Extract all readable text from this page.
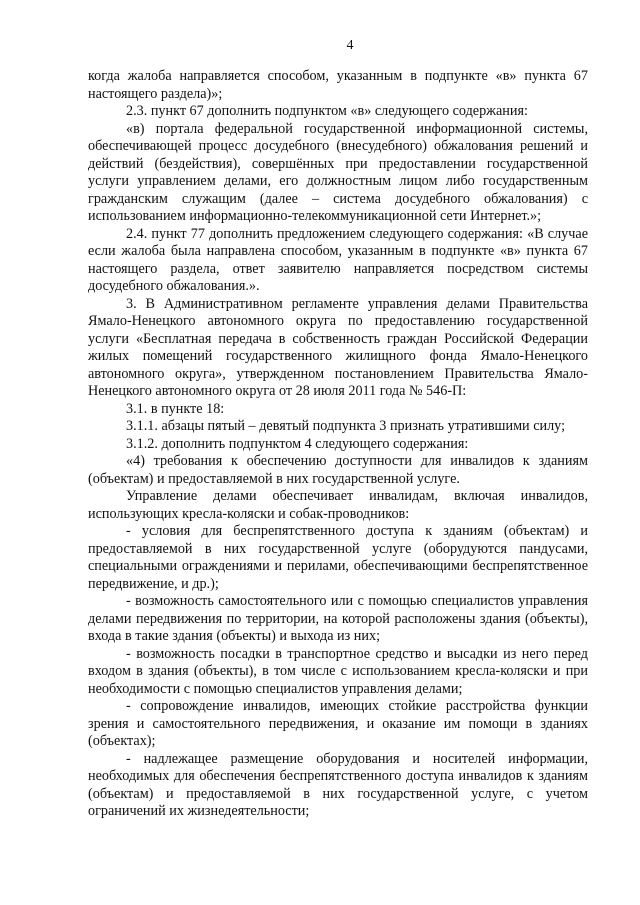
4

когда жалоба направляется способом, указанным в подпункте «в» пункта 67 настоящего раздела)»;

2.3. пункт 67 дополнить подпунктом «в» следующего содержания:

«в) портала федеральной государственной информационной системы, обеспечивающей процесс досудебного (внесудебного) обжалования решений и действий (бездействия), совершённых при предоставлении государственной услуги управлением делами, его должностным лицом либо государственным гражданским служащим (далее – система досудебного обжалования) с использованием информационно-телекоммуникационной сети Интернет.»;

2.4. пункт 77 дополнить предложением следующего содержания: «В случае если жалоба была направлена способом, указанным в подпункте «в» пункта 67 настоящего раздела, ответ заявителю направляется посредством системы досудебного обжалования.».

3. В Административном регламенте управления делами Правительства Ямало-Ненецкого автономного округа по предоставлению государственной услуги «Бесплатная передача в собственность граждан Российской Федерации жилых помещений государственного жилищного фонда Ямало-Ненецкого автономного округа», утвержденном постановлением Правительства Ямало-Ненецкого автономного округа от 28 июля 2011 года № 546-П:

3.1. в пункте 18:

3.1.1. абзацы пятый – девятый подпункта 3 признать утратившими силу;

3.1.2. дополнить подпунктом 4 следующего содержания:

«4) требования к обеспечению доступности для инвалидов к зданиям (объектам) и предоставляемой в них государственной услуге.

Управление делами обеспечивает инвалидам, включая инвалидов, использующих кресла-коляски и собак-проводников:

- условия для беспрепятственного доступа к зданиям (объектам) и предоставляемой в них государственной услуге (оборудуются пандусами, специальными ограждениями и перилами, обеспечивающими беспрепятственное передвижение, и др.);

- возможность самостоятельного или с помощью специалистов управления делами передвижения по территории, на которой расположены здания (объекты), входа в такие здания (объекты) и выхода из них;

- возможность посадки в транспортное средство и высадки из него перед входом в здания (объекты), в том числе с использованием кресла-коляски и при необходимости с помощью специалистов управления делами;

- сопровождение инвалидов, имеющих стойкие расстройства функции зрения и самостоятельного передвижения, и оказание им помощи в зданиях (объектах);

- надлежащее размещение оборудования и носителей информации, необходимых для обеспечения беспрепятственного доступа инвалидов к зданиям (объектам) и предоставляемой в них государственной услуге, с учетом ограничений их жизнедеятельности;
